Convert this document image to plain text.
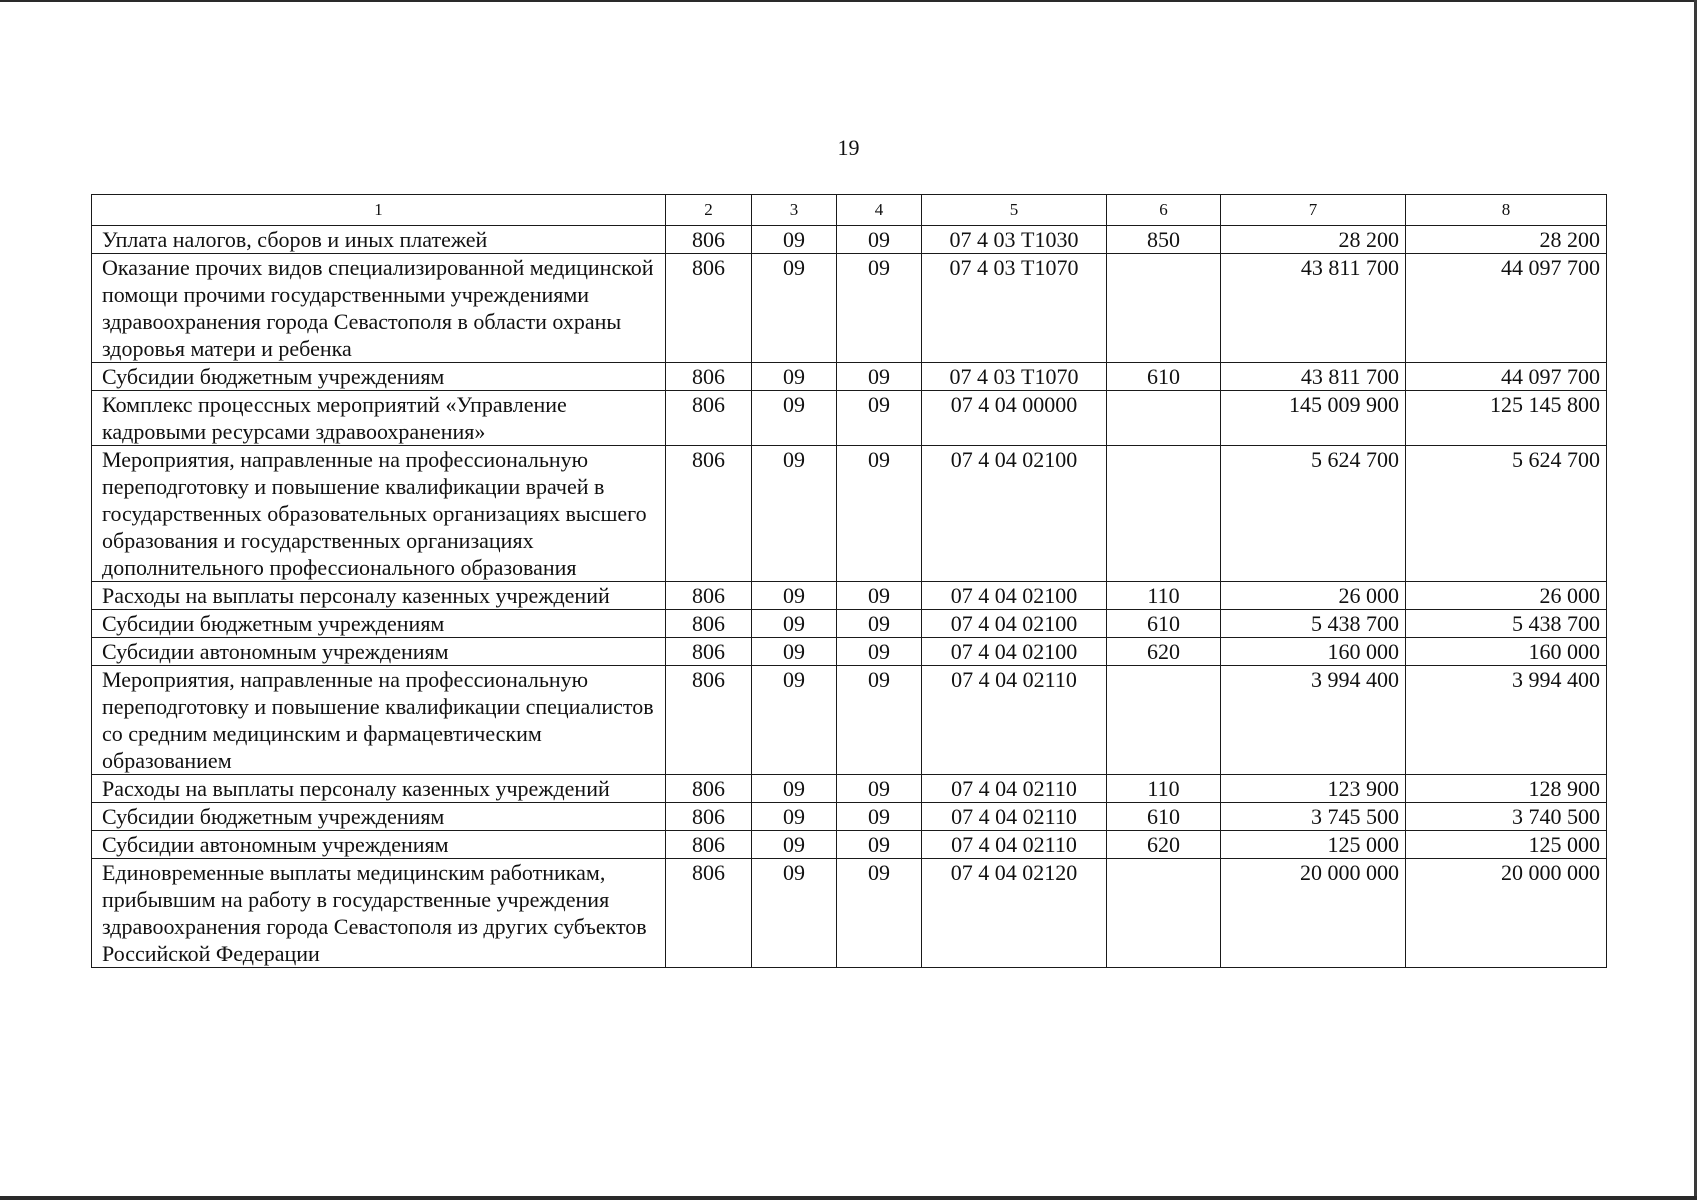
19
1	2	3	4	5	6	7	8
Уплата налогов, сборов и иных платежей	806	09	09	07 4 03 Т1030	850	28 200	28 200
Оказание прочих видов специализированной медицинской помощи прочими государственными учреждениями здравоохранения города Севастополя в области охраны здоровья матери и ребенка	806	09	09	07 4 03 Т1070		43 811 700	44 097 700
Субсидии бюджетным учреждениям	806	09	09	07 4 03 Т1070	610	43 811 700	44 097 700
Комплекс процессных мероприятий «Управление кадровыми ресурсами здравоохранения»	806	09	09	07 4 04 00000		145 009 900	125 145 800
Мероприятия, направленные на профессиональную переподготовку и повышение квалификации врачей в государственных образовательных организациях высшего образования и государственных организациях дополнительного профессионального образования	806	09	09	07 4 04 02100		5 624 700	5 624 700
Расходы на выплаты персоналу казенных учреждений	806	09	09	07 4 04 02100	110	26 000	26 000
Субсидии бюджетным учреждениям	806	09	09	07 4 04 02100	610	5 438 700	5 438 700
Субсидии автономным учреждениям	806	09	09	07 4 04 02100	620	160 000	160 000
Мероприятия, направленные на профессиональную переподготовку и повышение квалификации специалистов со средним медицинским и фармацевтическим образованием	806	09	09	07 4 04 02110		3 994 400	3 994 400
Расходы на выплаты персоналу казенных учреждений	806	09	09	07 4 04 02110	110	123 900	128 900
Субсидии бюджетным учреждениям	806	09	09	07 4 04 02110	610	3 745 500	3 740 500
Субсидии автономным учреждениям	806	09	09	07 4 04 02110	620	125 000	125 000
Единовременные выплаты медицинским работникам, прибывшим на работу в государственные учреждения здравоохранения города Севастополя из других субъектов Российской Федерации	806	09	09	07 4 04 02120		20 000 000	20 000 000
